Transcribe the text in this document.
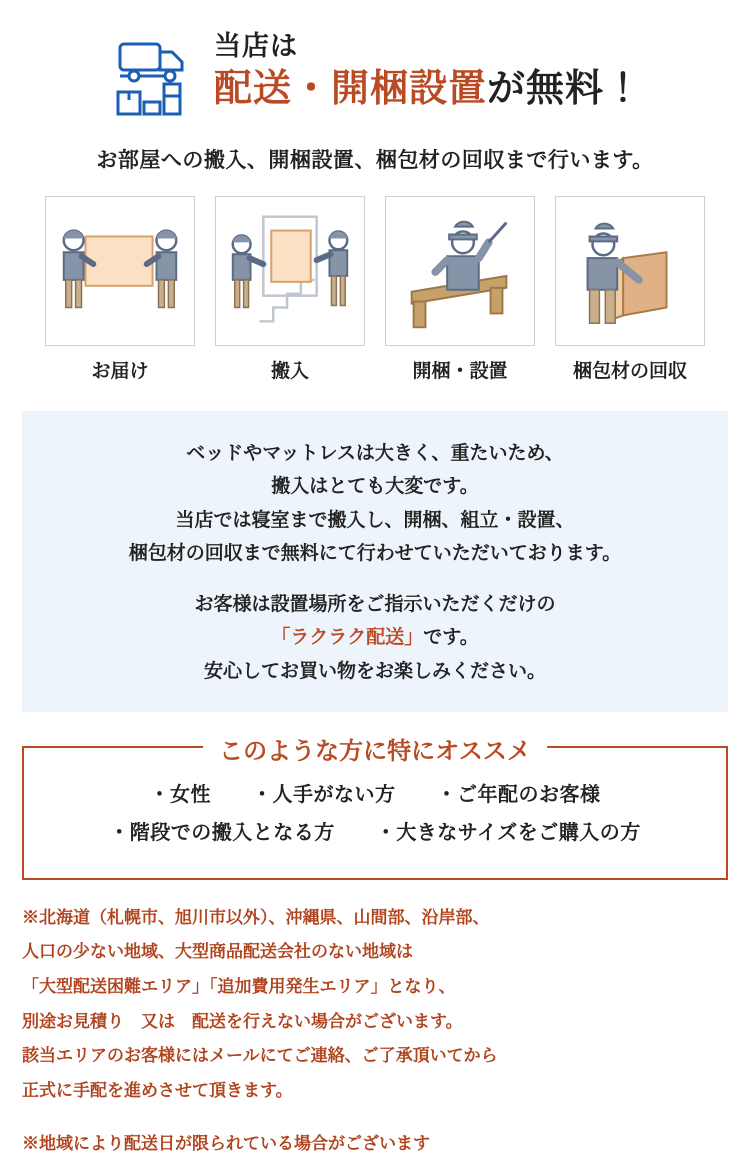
当店は
配送・開梱設置が無料！
お部屋への搬入、開梱設置、梱包材の回収まで行います。
お届け	搬入	開梱・設置	梱包材の回収

ベッドやマットレスは大きく、重たいため、

搬入はとても大変です。

当店では寝室まで搬入し、開梱、組立・設置、

梱包材の回収まで無料にて行わせていただいております。

お客様は設置場所をご指示いただくだけの

「ラクラク配送」です。

安心してお買い物をお楽しみください。

このような方に特にオススメ
・女性　　・人手がない方　　・ご年配のお客様
・階段での搬入となる方　　・大きなサイズをご購入の方

※北海道（札幌市、旭川市以外）、沖縄県、山間部、沿岸部、

人口の少ない地域、大型商品配送会社のない地域は

「大型配送困難エリア」「追加費用発生エリア」となり、

別途お見積り　又は　配送を行えない場合がございます。

該当エリアのお客様にはメールにてご連絡、ご了承頂いてから

正式に手配を進めさせて頂きます。

※地域により配送日が限られている場合がございます
